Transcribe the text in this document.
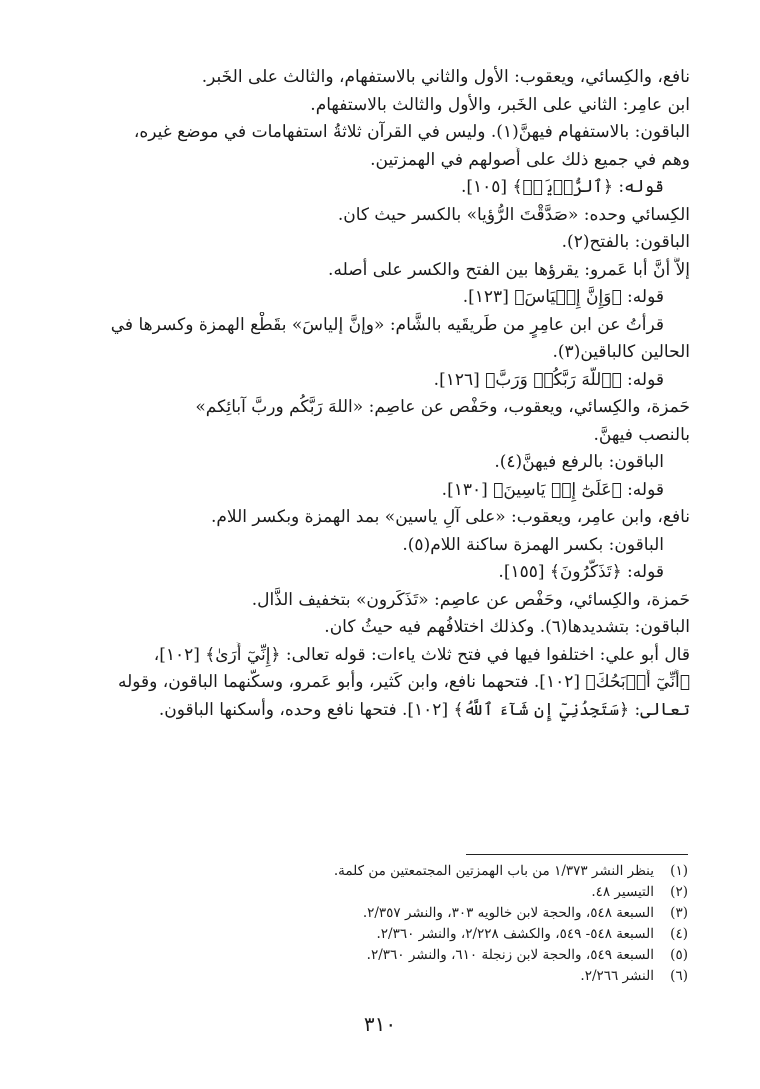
نافع، والكِسائي، ويعقوب: الأول والثاني بالاستفهام، والثالث على الخَبر.
ابن عامِر: الثاني على الخَبر، والأول والثالث بالاستفهام.
الباقون: بالاستفهام فيهنَّ(١). وليس في القرآن ثلاثةُ استفهامات في موضع غيره،
وهم في جميع ذلك على أُصولهم في الهمزتين.
قوله: ﴿ٱلرُّؤۡيَآۚ﴾ [١٠٥].
الكِسائي وحده: «صَدَّقْتَ الرُّؤيا» بالكسر حيث كان.
الباقون: بالفتح(٢).
إلاَّ أنَّ أبا عَمرو: يقرؤها بين الفتح والكسر على أصله.
قوله: ﴿وَإِنَّ إِلۡيَاسَ﴾ [١٢٣].
قرأتُ عن ابن عامِرٍ من طَريقَيه بالشَّام: «وإنَّ إلياسَ» بقَطْع الهمزة وكسرها في
الحالين كالباقين(٣).
قوله: ﴿ٱللَّهَ رَبَّكُمۡ وَرَبَّ﴾ [١٢٦].
حَمزة، والكِسائي، ويعقوب، وحَفْص عن عاصِم: «اللهَ رَبَّكُم وربَّ آبائِكم»
بالنصب فيهنَّ.
الباقون: بالرفع فيهنَّ(٤).
قوله: ﴿عَلَىٰٓ إِلۡ يَاسِينَ﴾ [١٣٠].
نافع، وابن عامِر، ويعقوب: «على آلِ ياسين» بمد الهمزة وبكسر اللام.
الباقون: بكسر الهمزة ساكنة اللام(٥).
قوله: ﴿تَذَكَّرُونَ﴾ [١٥٥].
حَمزة، والكِسائي، وحَفْص عن عاصِم: «تَذَكَرون» بتخفيف الذَّال.
الباقون: بتشديدها(٦). وكذلك اختلافُهم فيه حيثُ كان.
قال أبو علي: اختلفوا فيها في فتح ثلاث ياءات: قوله تعالى: ﴿إِنِّيٓ أَرَىٰ﴾ [١٠٢]،
﴿أَنِّيٓ أَذۡبَحُكَ﴾ [١٠٢]. فتحهما نافع، وابن كَثير، وأبو عَمرو، وسكَّنهما الباقون، وقوله
تعالى: ﴿سَتَجِدُنِيٓ إِن شَآءَ ٱللَّهُ﴾ [١٠٢]. فتحها نافع وحده، وأسكنها الباقون.
(١)ينظر النشر ١/٣٧٣ من باب الهمزتين المجتمعتين من كلمة.
(٢)التيسير ٤٨.
(٣)السبعة ٥٤٨، والحجة لابن خالويه ٣٠٣، والنشر ٢/٣٥٧.
(٤)السبعة ٥٤٨- ٥٤٩، والكشف ٢/٢٢٨، والنشر ٢/٣٦٠.
(٥)السبعة ٥٤٩، والحجة لابن زنجلة ٦١٠، والنشر ٢/٣٦٠.
(٦)النشر ٢/٢٦٦.
٣١٠
